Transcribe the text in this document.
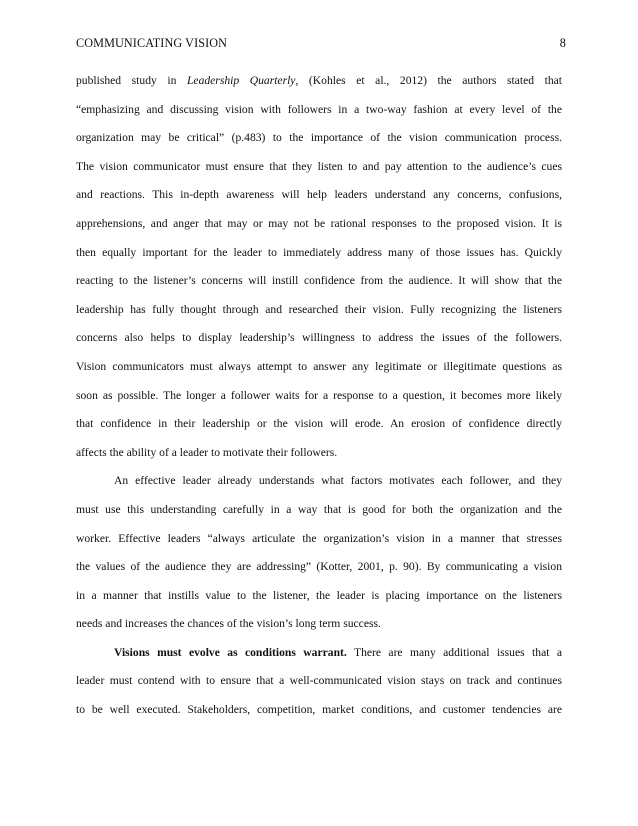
COMMUNICATING VISION	8
published study in Leadership Quarterly, (Kohles et al., 2012) the authors stated that
“emphasizing and discussing vision with followers in a two-way fashion at every level of the
organization may be critical” (p.483) to the importance of the vision communication process.
The vision communicator must ensure that they listen to and pay attention to the audience’s cues
and reactions. This in-depth awareness will help leaders understand any concerns, confusions,
apprehensions, and anger that may or may not be rational responses to the proposed vision. It is
then equally important for the leader to immediately address many of those issues has. Quickly
reacting to the listener’s concerns will instill confidence from the audience. It will show that the
leadership has fully thought through and researched their vision. Fully recognizing the listeners
concerns also helps to display leadership’s willingness to address the issues of the followers.
Vision communicators must always attempt to answer any legitimate or illegitimate questions as
soon as possible. The longer a follower waits for a response to a question, it becomes more likely
that confidence in their leadership or the vision will erode. An erosion of confidence directly
affects the ability of a leader to motivate their followers.
An effective leader already understands what factors motivates each follower, and they
must use this understanding carefully in a way that is good for both the organization and the
worker. Effective leaders “always articulate the organization’s vision in a manner that stresses
the values of the audience they are addressing” (Kotter, 2001, p. 90). By communicating a vision
in a manner that instills value to the listener, the leader is placing importance on the listeners
needs and increases the chances of the vision’s long term success.
Visions must evolve as conditions warrant. There are many additional issues that a
leader must contend with to ensure that a well-communicated vision stays on track and continues
to be well executed. Stakeholders, competition, market conditions, and customer tendencies are
